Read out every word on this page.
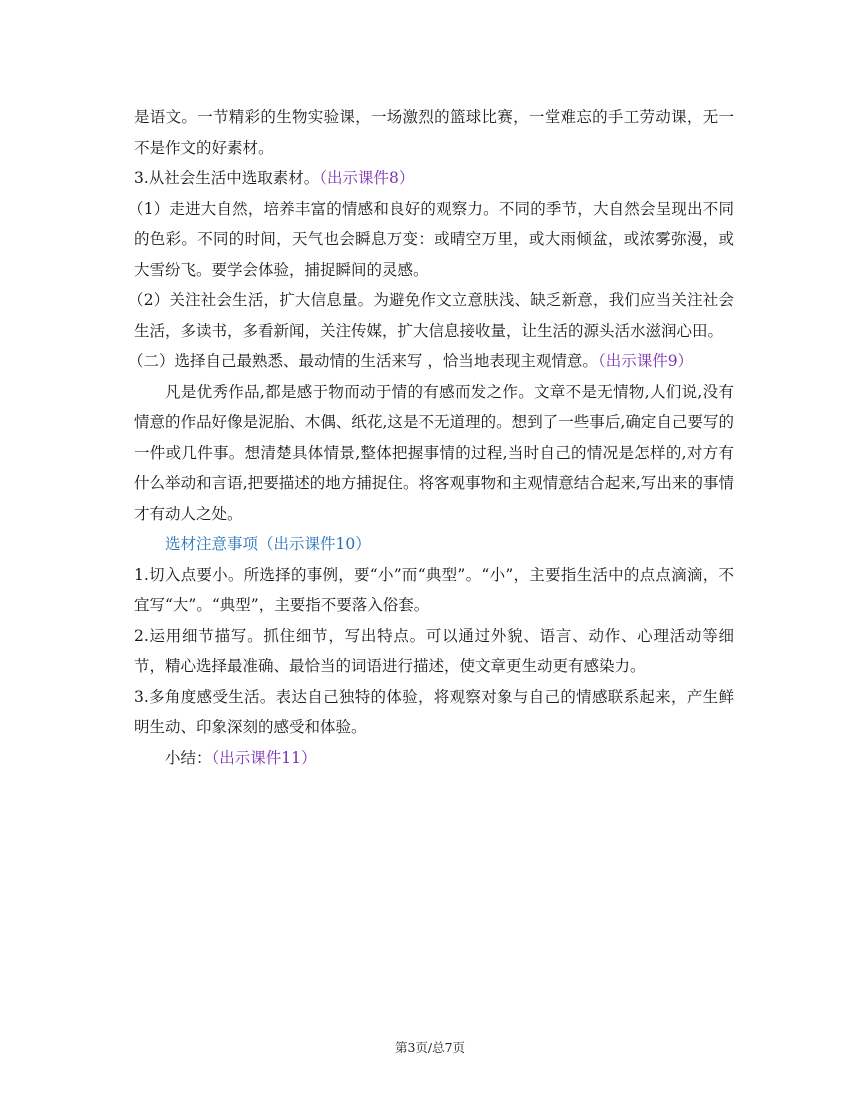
是语文。一节精彩的生物实验课，一场激烈的篮球比赛，一堂难忘的手工劳动课，无一不是作文的好素材。

3.从社会生活中选取素材。（出示课件8）

（1）走进大自然，培养丰富的情感和良好的观察力。不同的季节，大自然会呈现出不同的色彩。不同的时间，天气也会瞬息万变：或晴空万里，或大雨倾盆，或浓雾弥漫，或大雪纷飞。要学会体验，捕捉瞬间的灵感。

（2）关注社会生活，扩大信息量。为避免作文立意肤浅、缺乏新意，我们应当关注社会生活，多读书，多看新闻，关注传媒，扩大信息接收量，让生活的源头活水滋润心田。

（二）选择自己最熟悉、最动情的生活来写 ，恰当地表现主观情意。（出示课件9）

凡是优秀作品,都是感于物而动于情的有感而发之作。文章不是无情物,人们说,没有情意的作品好像是泥胎、木偶、纸花,这是不无道理的。想到了一些事后,确定自己要写的一件或几件事。想清楚具体情景,整体把握事情的过程,当时自己的情况是怎样的,对方有什么举动和言语,把要描述的地方捕捉住。将客观事物和主观情意结合起来,写出来的事情才有动人之处。

选材注意事项（出示课件10）

1.切入点要小。所选择的事例，要“小”而“典型”。“小”，主要指生活中的点点滴滴，不宜写“大”。“典型”，主要指不要落入俗套。

2.运用细节描写。抓住细节，写出特点。可以通过外貌、语言、动作、心理活动等细节，精心选择最准确、最恰当的词语进行描述，使文章更生动更有感染力。

3.多角度感受生活。表达自己独特的体验，将观察对象与自己的情感联系起来，产生鲜明生动、印象深刻的感受和体验。

小结：（出示课件11）

第3页/总7页
